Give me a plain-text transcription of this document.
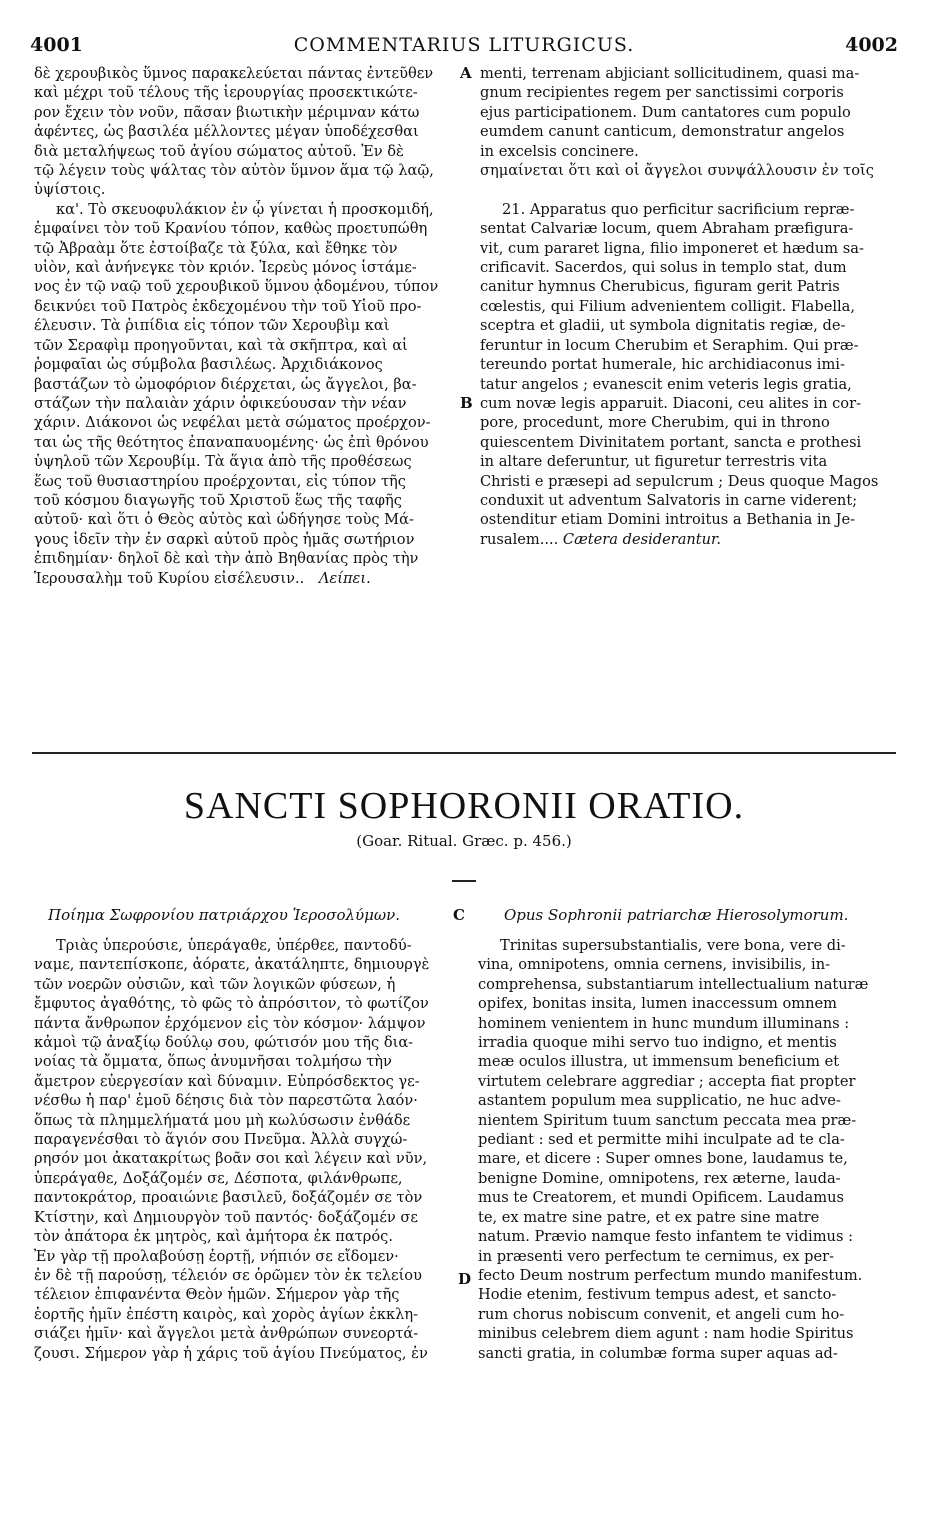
4001	COMMENTARIUS LITURGICUS.	4002
δὲ χερουβικὸς ὕμνος παρακελεύεται πάντας ἐντεῦθεν
καὶ μέχρι τοῦ τέλους τῆς ἱερουργίας προσεκτικώτε-
ρον ἔχειν τὸν νοῦν, πᾶσαν βιωτικὴν μέριμναν κάτω
ἀφέντες, ὡς βασιλέα μέλλοντες μέγαν ὑποδέχεσθαι
διὰ μεταλήψεως τοῦ ἁγίου σώματος αὐτοῦ. Ἐν δὲ
τῷ λέγειν τοὺς ψάλτας τὸν αὐτὸν ὕμνον ἅμα τῷ λαῷ,
ὑψίστοις.
κα'. Τὸ σκευοφυλάκιον ἐν ᾧ γίνεται ἡ προσκομιδή,
ἐμφαίνει τὸν τοῦ Κρανίου τόπον, καθὼς προετυπώθη
τῷ Ἀβραὰμ ὅτε ἐστοίβαζε τὰ ξύλα, καὶ ἔθηκε τὸν
υἱὸν, καὶ ἀνήνεγκε τὸν κριόν. Ἱερεὺς μόνος ἱστάμε-
νος ἐν τῷ ναῷ τοῦ χερουβικοῦ ὕμνου ᾀδομένου, τύπον
δεικνύει τοῦ Πατρὸς ἐκδεχομένου τὴν τοῦ Υἱοῦ προ-
έλευσιν. Τὰ ῥιπίδια εἰς τόπον τῶν Χερουβὶμ καὶ
τῶν Σεραφὶμ προηγοῦνται, καὶ τὰ σκῆπτρα, καὶ αἱ
ῥομφαῖαι ὡς σύμβολα βασιλέως. Ἀρχιδιάκονος
βαστάζων τὸ ὠμοφόριον διέρχεται, ὡς ἄγγελοι, βα-
στάζων τὴν παλαιὰν χάριν ὀφικεύουσαν τὴν νέαν
χάριν. Διάκονοι ὡς νεφέλαι μετὰ σώματος προέρχον-
ται ὡς τῆς θεότητος ἐπαναπαυομένης· ὡς ἐπὶ θρόνου
ὑψηλοῦ τῶν Χερουβίμ. Τὰ ἅγια ἀπὸ τῆς προθέσεως
ἕως τοῦ θυσιαστηρίου προέρχονται, εἰς τύπον τῆς
τοῦ κόσμου διαγωγῆς τοῦ Χριστοῦ ἕως τῆς ταφῆς
αὐτοῦ· καὶ ὅτι ὁ Θεὸς αὐτὸς καὶ ὡδήγησε τοὺς Μά-
γους ἰδεῖν τὴν ἐν σαρκὶ αὐτοῦ πρὸς ἡμᾶς σωτήριον
ἐπιδημίαν· δηλοῖ δὲ καὶ τὴν ἀπὸ Βηθανίας πρὸς τὴν
Ἱερουσαλὴμ τοῦ Κυρίου εἰσέλευσιν.. Λείπει.
menti, terrenam abjiciant sollicitudinem, quasi ma-
gnum recipientes regem per sanctissimi corporis
ejus participationem. Dum cantatores cum populo
eumdem canunt canticum, demonstratur angelos
in excelsis concinere.
σημαίνεται ὅτι καὶ οἱ ἄγγελοι συνψάλλουσιν ἐν τοῖς

21. Apparatus quo perficitur sacrificium repræ-
sentat Calvariæ locum, quem Abraham præfigura-
vit, cum pararet ligna, filio imponeret et hædum sa-
crificavit. Sacerdos, qui solus in templo stat, dum
canitur hymnus Cherubicus, figuram gerit Patris
cœlestis, qui Filium advenientem colligit. Flabella,
sceptra et gladii, ut symbola dignitatis regiæ, de-
feruntur in locum Cherubim et Seraphim. Qui præ-
tereundo portat humerale, hic archidiaconus imi-
tatur angelos ; evanescit enim veteris legis gratia,
cum novæ legis apparuit. Diaconi, ceu alites in cor-
pore, procedunt, more Cherubim, qui in throno
quiescentem Divinitatem portant, sancta e prothesi
in altare deferuntur, ut figuretur terrestris vita
Christi e præsepi ad sepulcrum ; Deus quoque Magos
conduxit ut adventum Salvatoris in carne viderent;
ostenditur etiam Domini introitus a Bethania in Je-
rusalem.... Cætera desiderantur.
A
B
SANCTI SOPHORONII ORATIO.
(Goar. Ritual. Græc. p. 456.)
Ποίημα Σωφρονίου πατριάρχου Ἱεροσολύμων.	C	Opus Sophronii patriarchæ Hierosolymorum.
Τριὰς ὑπερούσιε, ὑπεράγαθε, ὑπέρθεε, παντοδύ-
ναμε, παντεπίσκοπε, ἀόρατε, ἀκατάληπτε, δημιουργὲ
τῶν νοερῶν οὐσιῶν, καὶ τῶν λογικῶν φύσεων, ἡ
ἔμφυτος ἀγαθότης, τὸ φῶς τὸ ἀπρόσιτον, τὸ φωτίζον
πάντα ἄνθρωπον ἐρχόμενον εἰς τὸν κόσμον· λάμψον
κἀμοὶ τῷ ἀναξίῳ δούλῳ σου, φώτισόν μου τῆς δια-
νοίας τὰ ὄμματα, ὅπως ἀνυμνῆσαι τολμήσω τὴν
ἄμετρον εὐεργεσίαν καὶ δύναμιν. Εὐπρόσδεκτος γε-
νέσθω ἡ παρ' ἐμοῦ δέησις διὰ τὸν παρεστῶτα λαόν·
ὅπως τὰ πλημμελήματά μου μὴ κωλύσωσιν ἐνθάδε
παραγενέσθαι τὸ ἅγιόν σου Πνεῦμα. Ἀλλὰ συγχώ-
ρησόν μοι ἀκατακρίτως βοᾶν σοι καὶ λέγειν καὶ νῦν,
ὑπεράγαθε, Δοξάζομέν σε, Δέσποτα, φιλάνθρωπε,
παντοκράτορ, προαιώνιε βασιλεῦ, δοξάζομέν σε τὸν
Κτίστην, καὶ Δημιουργὸν τοῦ παντός· δοξάζομέν σε
τὸν ἀπάτορα ἐκ μητρὸς, καὶ ἀμήτορα ἐκ πατρός.
Ἐν γὰρ τῇ προλαβούσῃ ἑορτῇ, νήπιόν σε εἴδομεν·
ἐν δὲ τῇ παρούσῃ, τέλειόν σε ὁρῶμεν τὸν ἐκ τελείου
τέλειον ἐπιφανέντα Θεὸν ἡμῶν. Σήμερον γὰρ τῆς
ἑορτῆς ἡμῖν ἐπέστη καιρὸς, καὶ χορὸς ἁγίων ἐκκλη-
σιάζει ἡμῖν· καὶ ἄγγελοι μετὰ ἀνθρώπων συνεορτά-
ζουσι. Σήμερον γὰρ ἡ χάρις τοῦ ἁγίου Πνεύματος, ἐν
D
Trinitas supersubstantialis, vere bona, vere di-
vina, omnipotens, omnia cernens, invisibilis, in-
comprehensa, substantiarum intellectualium naturæ
opifex, bonitas insita, lumen inaccessum omnem
hominem venientem in hunc mundum illuminans :
irradia quoque mihi servo tuo indigno, et mentis
meæ oculos illustra, ut immensum beneficium et
virtutem celebrare aggrediar ; accepta fiat propter
astantem populum mea supplicatio, ne huc adve-
nientem Spiritum tuum sanctum peccata mea præ-
pediant : sed et permitte mihi inculpate ad te cla-
mare, et dicere : Super omnes bone, laudamus te,
benigne Domine, omnipotens, rex æterne, lauda-
mus te Creatorem, et mundi Opificem. Laudamus
te, ex matre sine patre, et ex patre sine matre
natum. Prævio namque festo infantem te vidimus :
in præsenti vero perfectum te cernimus, ex per-
fecto Deum nostrum perfectum mundo manifestum.
Hodie etenim, festivum tempus adest, et sancto-
rum chorus nobiscum convenit, et angeli cum ho-
minibus celebrem diem agunt : nam hodie Spiritus
sancti gratia, in columbæ forma super aquas ad-
